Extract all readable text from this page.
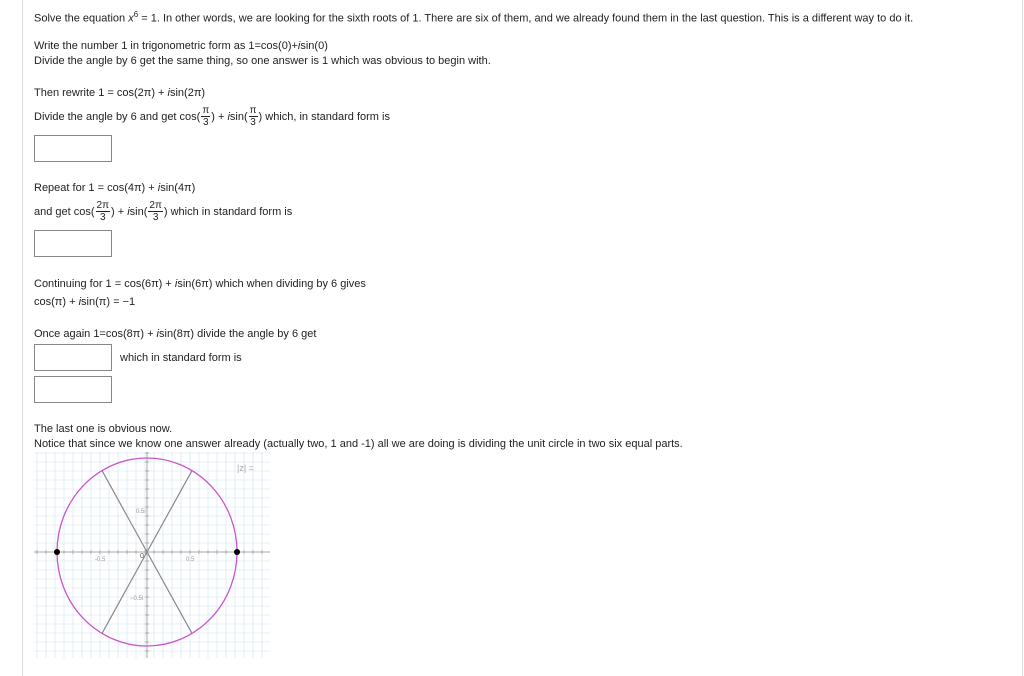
Solve the equation $x^6 = 1$. In other words, we are looking for the sixth roots of 1. There are six of them, and we already found them in the last question. This is a different way to do it.
Write the number 1 in trigonometric form as 1=cos(0)+isin(0)
Divide the angle by 6 get the same thing, so one answer is 1 which was obvious to begin with.
Then rewrite 1 = cos(2π) + isin(2π)
Divide the angle by 6 and get $\cos( \frac{\pi}{3}$ ) + $isin( \frac{\pi}{3}$ ) which, in standard form is
Repeat for 1 = cos(4π) + isin(4π)
and get $\cos( \frac{2\pi}{3}$ ) + $isin( \frac{2\pi}{3}$ ) which in standard form is
Continuing for 1 = cos(6π) + isin(6π) which when dividing by 6 gives
cos(π) + isin(π) = −1
Once again 1=cos(8π) + isin(8π) divide the angle by 6 get
which in standard form is
The last one is obvious now.
Notice that since we know one answer already (actually two, 1 and -1) all we are doing is dividing the unit circle in two six equal parts.
0.5i
−0.5i
-0.5	0	0.5
|z| =
